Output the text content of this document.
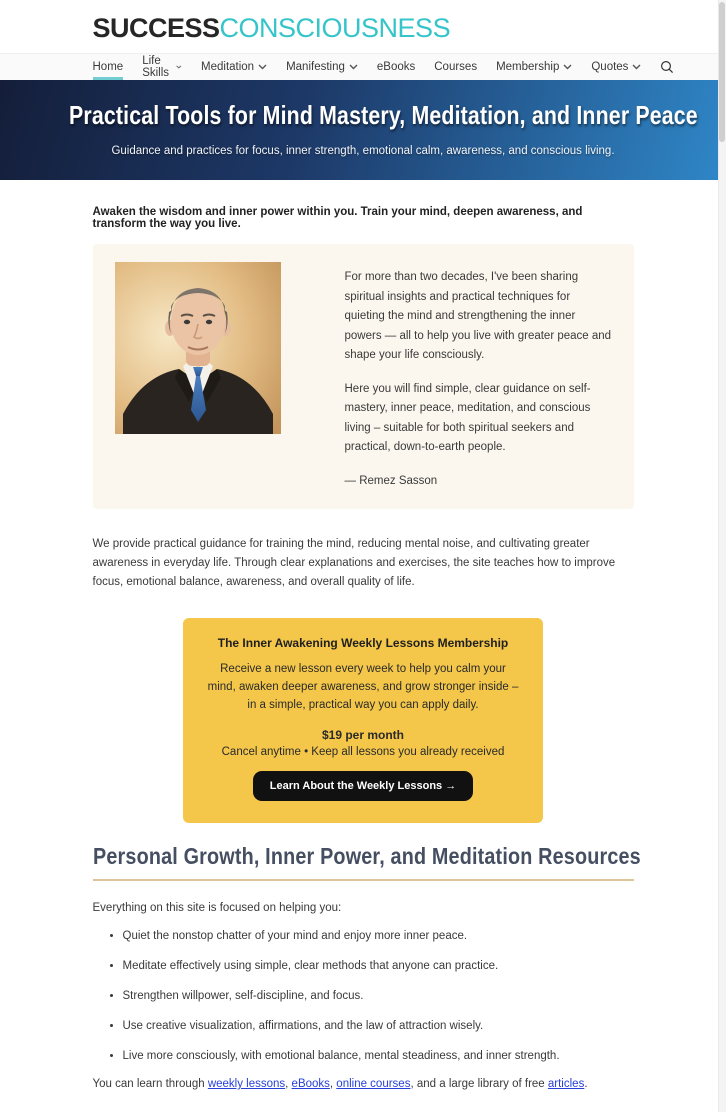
SUCCESSCONSCIOUSNESS
Home Life Skills	Meditation	Manifesting	eBooks Courses Membership	Quotes
Practical Tools for Mind Mastery, Meditation, and Inner Peace
Guidance and practices for focus, inner strength, emotional calm, awareness, and conscious living.

Awaken the wisdom and inner power within you. Train your mind, deepen awareness, and transform the way you live.

For more than two decades, I've been sharing spiritual insights and practical techniques for quieting the mind and strengthening the inner powers — all to help you live with greater peace and shape your life consciously.

Here you will find simple, clear guidance on self-mastery, inner peace, meditation, and conscious living – suitable for both spiritual seekers and practical, down-to-earth people.

— Remez Sasson

We provide practical guidance for training the mind, reducing mental noise, and cultivating greater awareness in everyday life. Through clear explanations and exercises, the site teaches how to improve focus, emotional balance, awareness, and overall quality of life.

The Inner Awakening Weekly Lessons Membership

Receive a new lesson every week to help you calm your mind, awaken deeper awareness, and grow stronger inside – in a simple, practical way you can apply daily.

$19 per month

Cancel anytime • Keep all lessons you already received

Learn About the Weekly Lessons →
Personal Growth, Inner Power, and Meditation Resources

Everything on this site is focused on helping you:

• Quiet the nonstop chatter of your mind and enjoy more inner peace.
• Meditate effectively using simple, clear methods that anyone can practice.
• Strengthen willpower, self-discipline, and focus.
• Use creative visualization, affirmations, and the law of attraction wisely.
• Live more consciously, with emotional balance, mental steadiness, and inner strength.

You can learn through weekly lessons, eBooks, online courses, and a large library of free articles.
